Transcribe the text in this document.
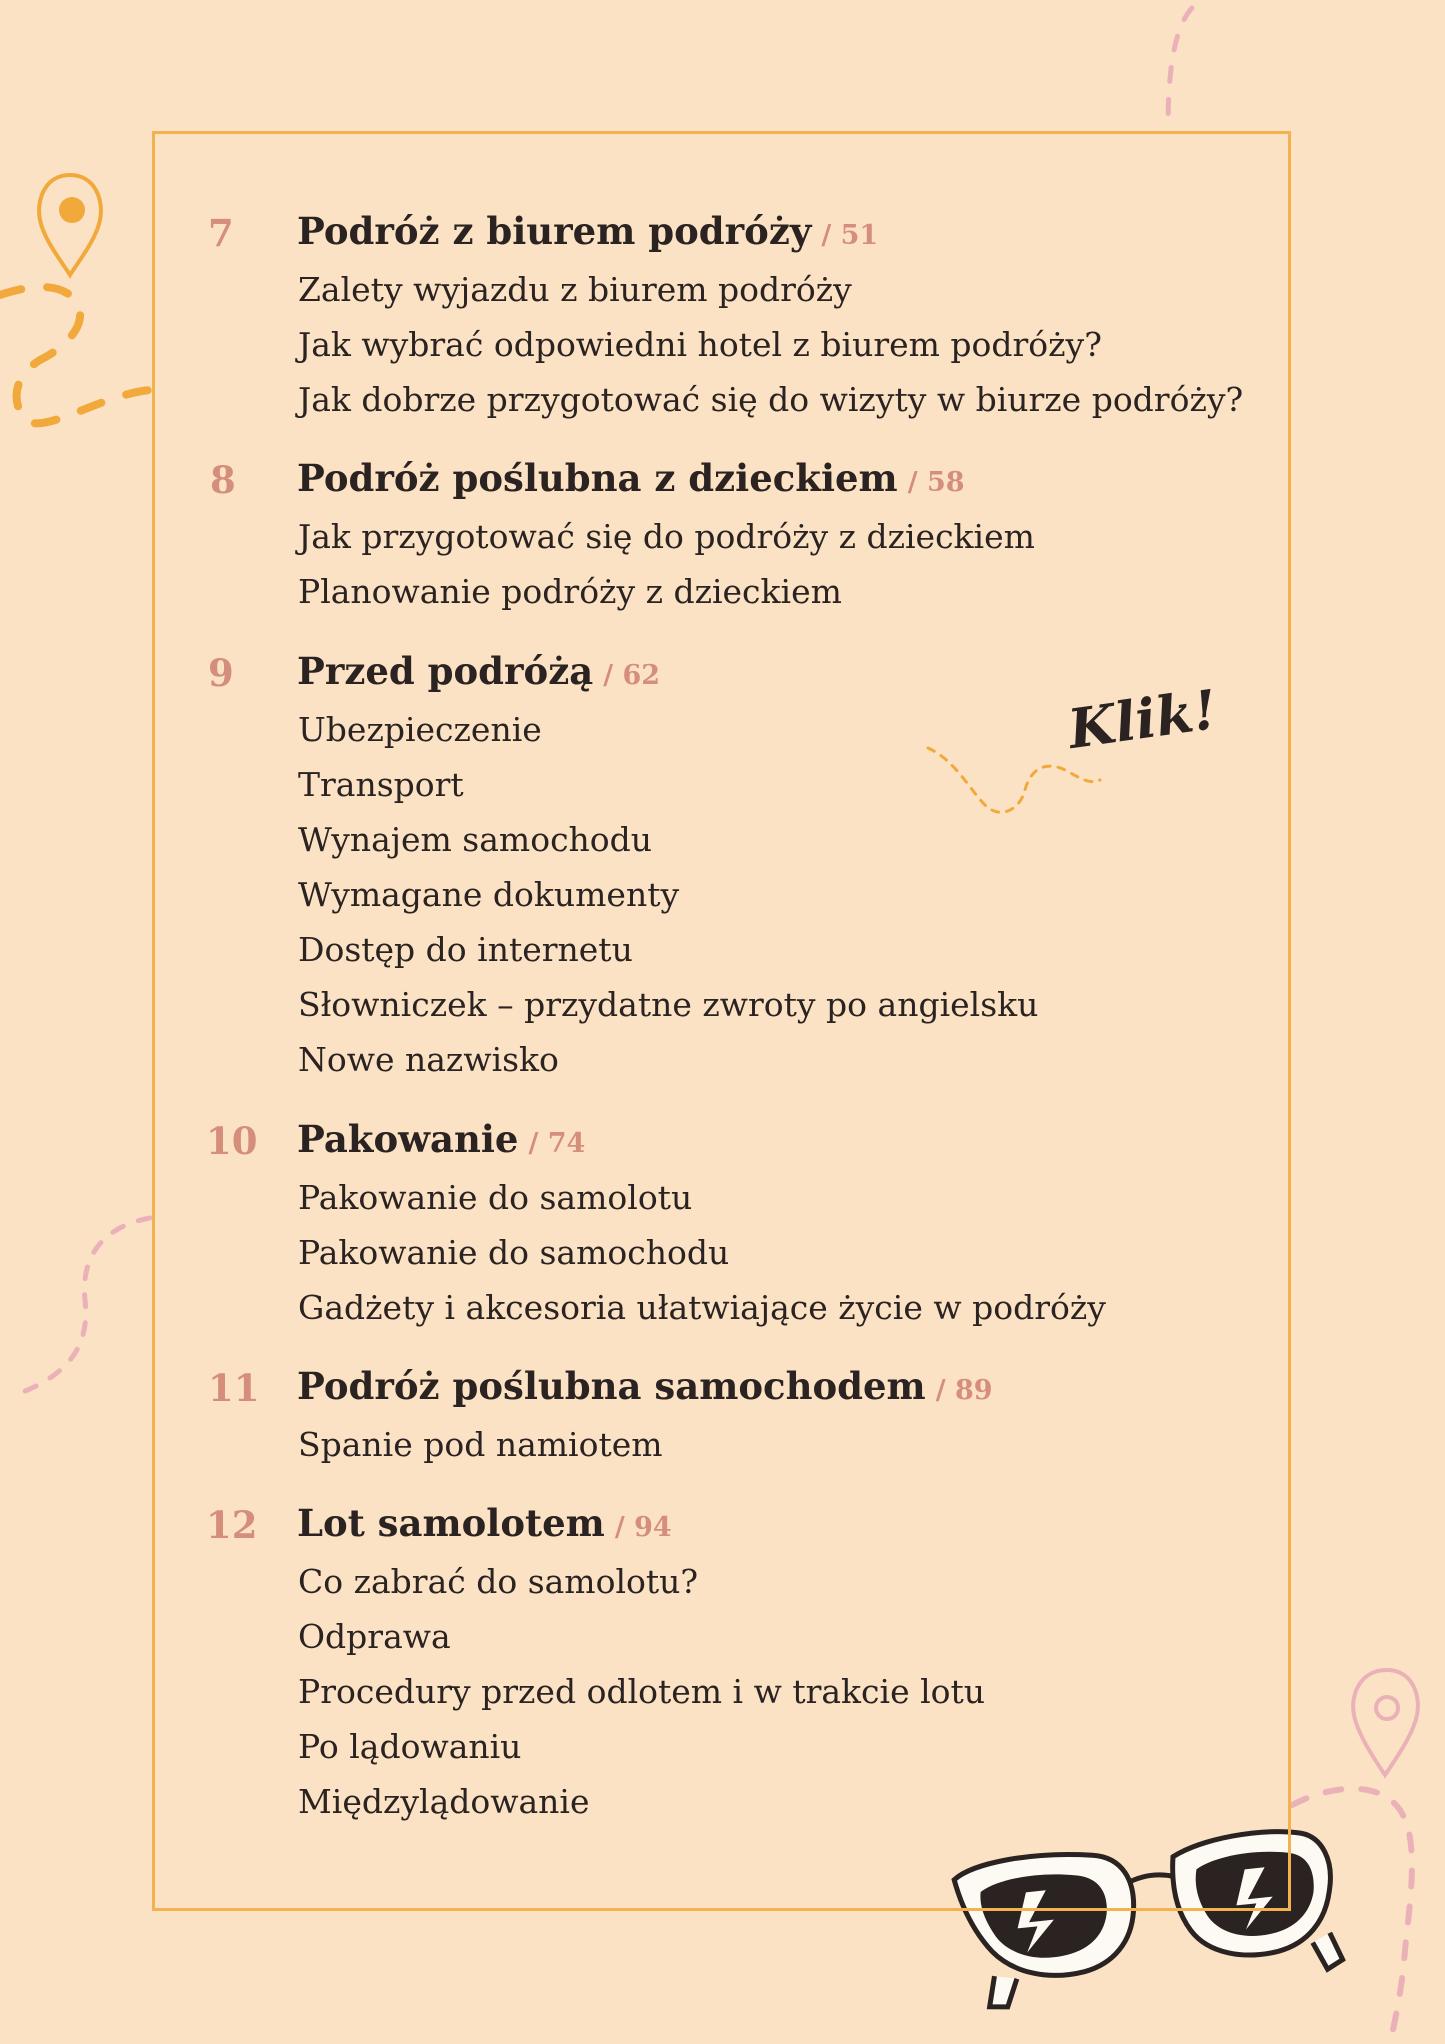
Klik!
7 Podróż z biurem podróży / 51
Zalety wyjazdu z biurem podróży
Jak wybrać odpowiedni hotel z biurem podróży?
Jak dobrze przygotować się do wizyty w biurze podróży?
8 Podróż poślubna z dzieckiem / 58
Jak przygotować się do podróży z dzieckiem
Planowanie podróży z dzieckiem
9 Przed podróżą / 62
Ubezpieczenie
Transport
Wynajem samochodu
Wymagane dokumenty
Dostęp do internetu
Słowniczek – przydatne zwroty po angielsku
Nowe nazwisko
10 Pakowanie / 74
Pakowanie do samolotu
Pakowanie do samochodu
Gadżety i akcesoria ułatwiające życie w podróży
11 Podróż poślubna samochodem / 89
Spanie pod namiotem
12 Lot samolotem / 94
Co zabrać do samolotu?
Odprawa
Procedury przed odlotem i w trakcie lotu
Po lądowaniu
Międzylądowanie
